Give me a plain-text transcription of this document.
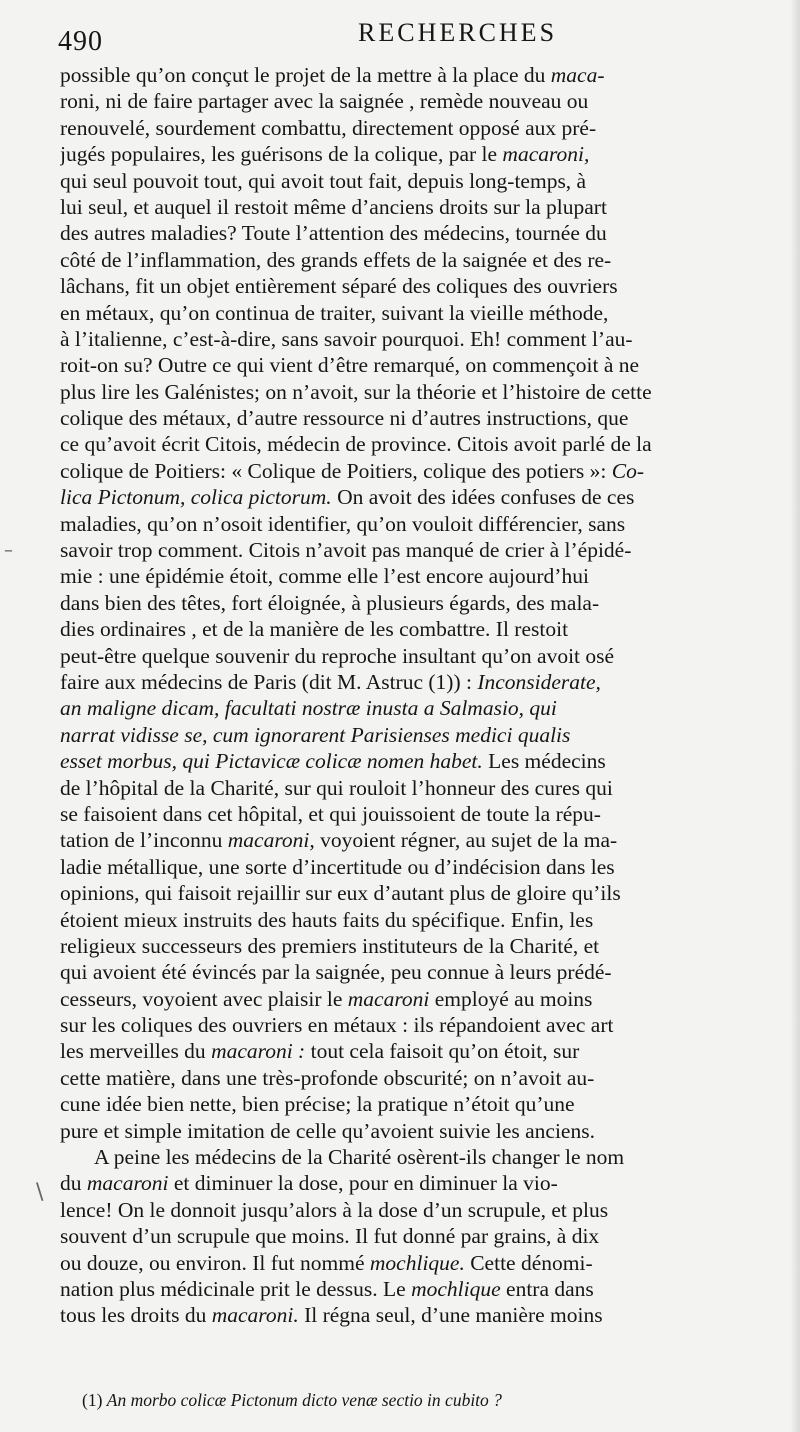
490	RECHERCHES
possible qu’on conçut le projet de la mettre à la place du maca-
roni, ni de faire partager avec la saignée , remède nouveau ou
renouvelé, sourdement combattu, directement opposé aux pré-
jugés populaires, les guérisons de la colique, par le macaroni,
qui seul pouvoit tout, qui avoit tout fait, depuis long-temps, à
lui seul, et auquel il restoit même d’anciens droits sur la plupart
des autres maladies? Toute l’attention des médecins, tournée du
côté de l’inflammation, des grands effets de la saignée et des re-
lâchans, fit un objet entièrement séparé des coliques des ouvriers
en métaux, qu’on continua de traiter, suivant la vieille méthode,
à l’italienne, c’est-à-dire, sans savoir pourquoi. Eh! comment l’au-
roit-on su? Outre ce qui vient d’être remarqué, on commençoit à ne
plus lire les Galénistes; on n’avoit, sur la théorie et l’histoire de cette
colique des métaux, d’autre ressource ni d’autres instructions, que
ce qu’avoit écrit Citois, médecin de province. Citois avoit parlé de la
colique de Poitiers: « Colique de Poitiers, colique des potiers »: Co-
lica Pictonum, colica pictorum. On avoit des idées confuses de ces
maladies, qu’on n’osoit identifier, qu’on vouloit différencier, sans
savoir trop comment. Citois n’avoit pas manqué de crier à l’épidé-
mie : une épidémie étoit, comme elle l’est encore aujourd’hui
dans bien des têtes, fort éloignée, à plusieurs égards, des mala-
dies ordinaires , et de la manière de les combattre. Il restoit
peut-être quelque souvenir du reproche insultant qu’on avoit osé
faire aux médecins de Paris (dit M. Astruc (1)) : Inconsiderate,
an maligne dicam, facultati nostræ inusta a Salmasio, qui
narrat vidisse se, cum ignorarent Parisienses medici qualis
esset morbus, qui Pictavicæ colicæ nomen habet. Les médecins
de l’hôpital de la Charité, sur qui rouloit l’honneur des cures qui
se faisoient dans cet hôpital, et qui jouissoient de toute la répu-
tation de l’inconnu macaroni, voyoient régner, au sujet de la ma-
ladie métallique, une sorte d’incertitude ou d’indécision dans les
opinions, qui faisoit rejaillir sur eux d’autant plus de gloire qu’ils
étoient mieux instruits des hauts faits du spécifique. Enfin, les
religieux successeurs des premiers instituteurs de la Charité, et
qui avoient été évincés par la saignée, peu connue à leurs prédé-
cesseurs, voyoient avec plaisir le macaroni employé au moins
sur les coliques des ouvriers en métaux : ils répandoient avec art
les merveilles du macaroni : tout cela faisoit qu’on étoit, sur
cette matière, dans une très-profonde obscurité; on n’avoit au-
cune idée bien nette, bien précise; la pratique n’étoit qu’une
pure et simple imitation de celle qu’avoient suivie les anciens.
A peine les médecins de la Charité osèrent-ils changer le nom
du macaroni et diminuer la dose, pour en diminuer la vio-
lence! On le donnoit jusqu’alors à la dose d’un scrupule, et plus
souvent d’un scrupule que moins. Il fut donné par grains, à dix
ou douze, ou environ. Il fut nommé mochlique. Cette dénomi-
nation plus médicinale prit le dessus. Le mochlique entra dans
tous les droits du macaroni. Il régna seul, d’une manière moins
–
\
(1) An morbo colicæ Pictonum dicto venæ sectio in cubito ?
